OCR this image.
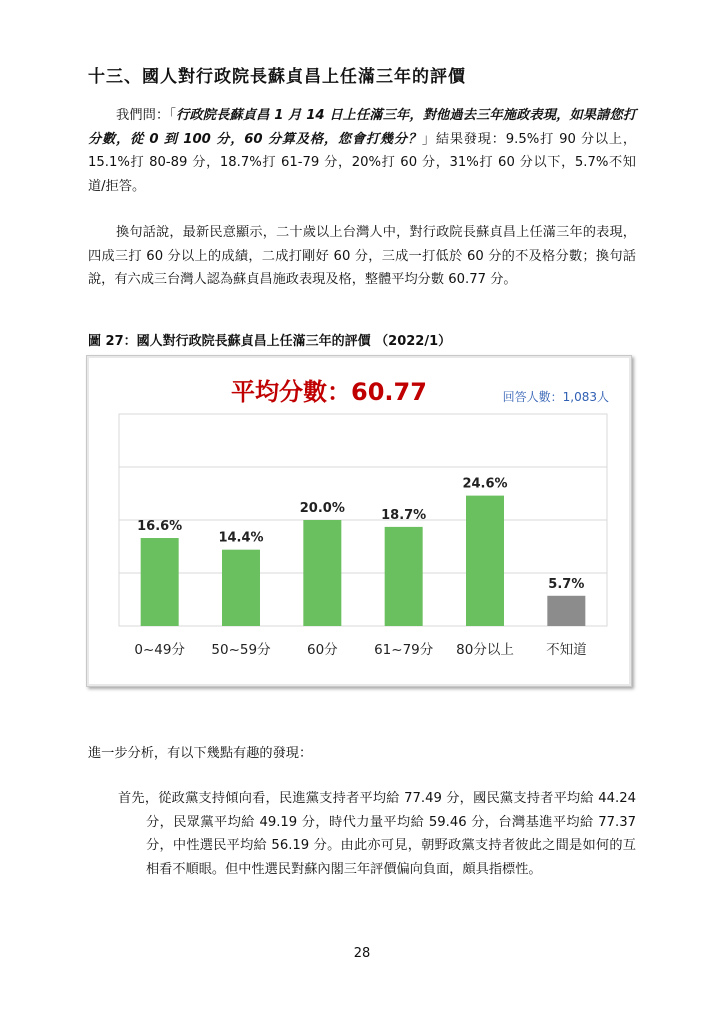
十三、國人對行政院長蘇貞昌上任滿三年的評價
我們問：「行政院長蘇貞昌 1 月 14 日上任滿三年，對他過去三年施政表現，如果請您打分數，從 0 到 100 分，60 分算及格，您會打幾分？」結果發現：9.5%打 90 分以上，15.1%打 80-89 分，18.7%打 61-79 分，20%打 60 分，31%打 60 分以下，5.7%不知道/拒答。
換句話說，最新民意顯示，二十歲以上台灣人中，對行政院長蘇貞昌上任滿三年的表現，四成三打 60 分以上的成績，二成打剛好 60 分，三成一打低於 60 分的不及格分數；換句話說，有六成三台灣人認為蘇貞昌施政表現及格，整體平均分數 60.77 分。
圖 27：國人對行政院長蘇貞昌上任滿三年的評價 （2022/1）
16.6%
0~49分
14.4%
50~59分
20.0%
60分
18.7%
61~79分
24.6%
80分以上
5.7%
不知道
平均分數：60.77	回答人數：1,083人
進一步分析，有以下幾點有趣的發現：
首先，從政黨支持傾向看，民進黨支持者平均給 77.49 分，國民黨支持者平均給 44.24 分，民眾黨平均給 49.19 分，時代力量平均給 59.46 分，台灣基進平均給 77.37 分，中性選民平均給 56.19 分。由此亦可見，朝野政黨支持者彼此之間是如何的互相看不順眼。但中性選民對蘇內閣三年評價偏向負面，頗具指標性。
28
